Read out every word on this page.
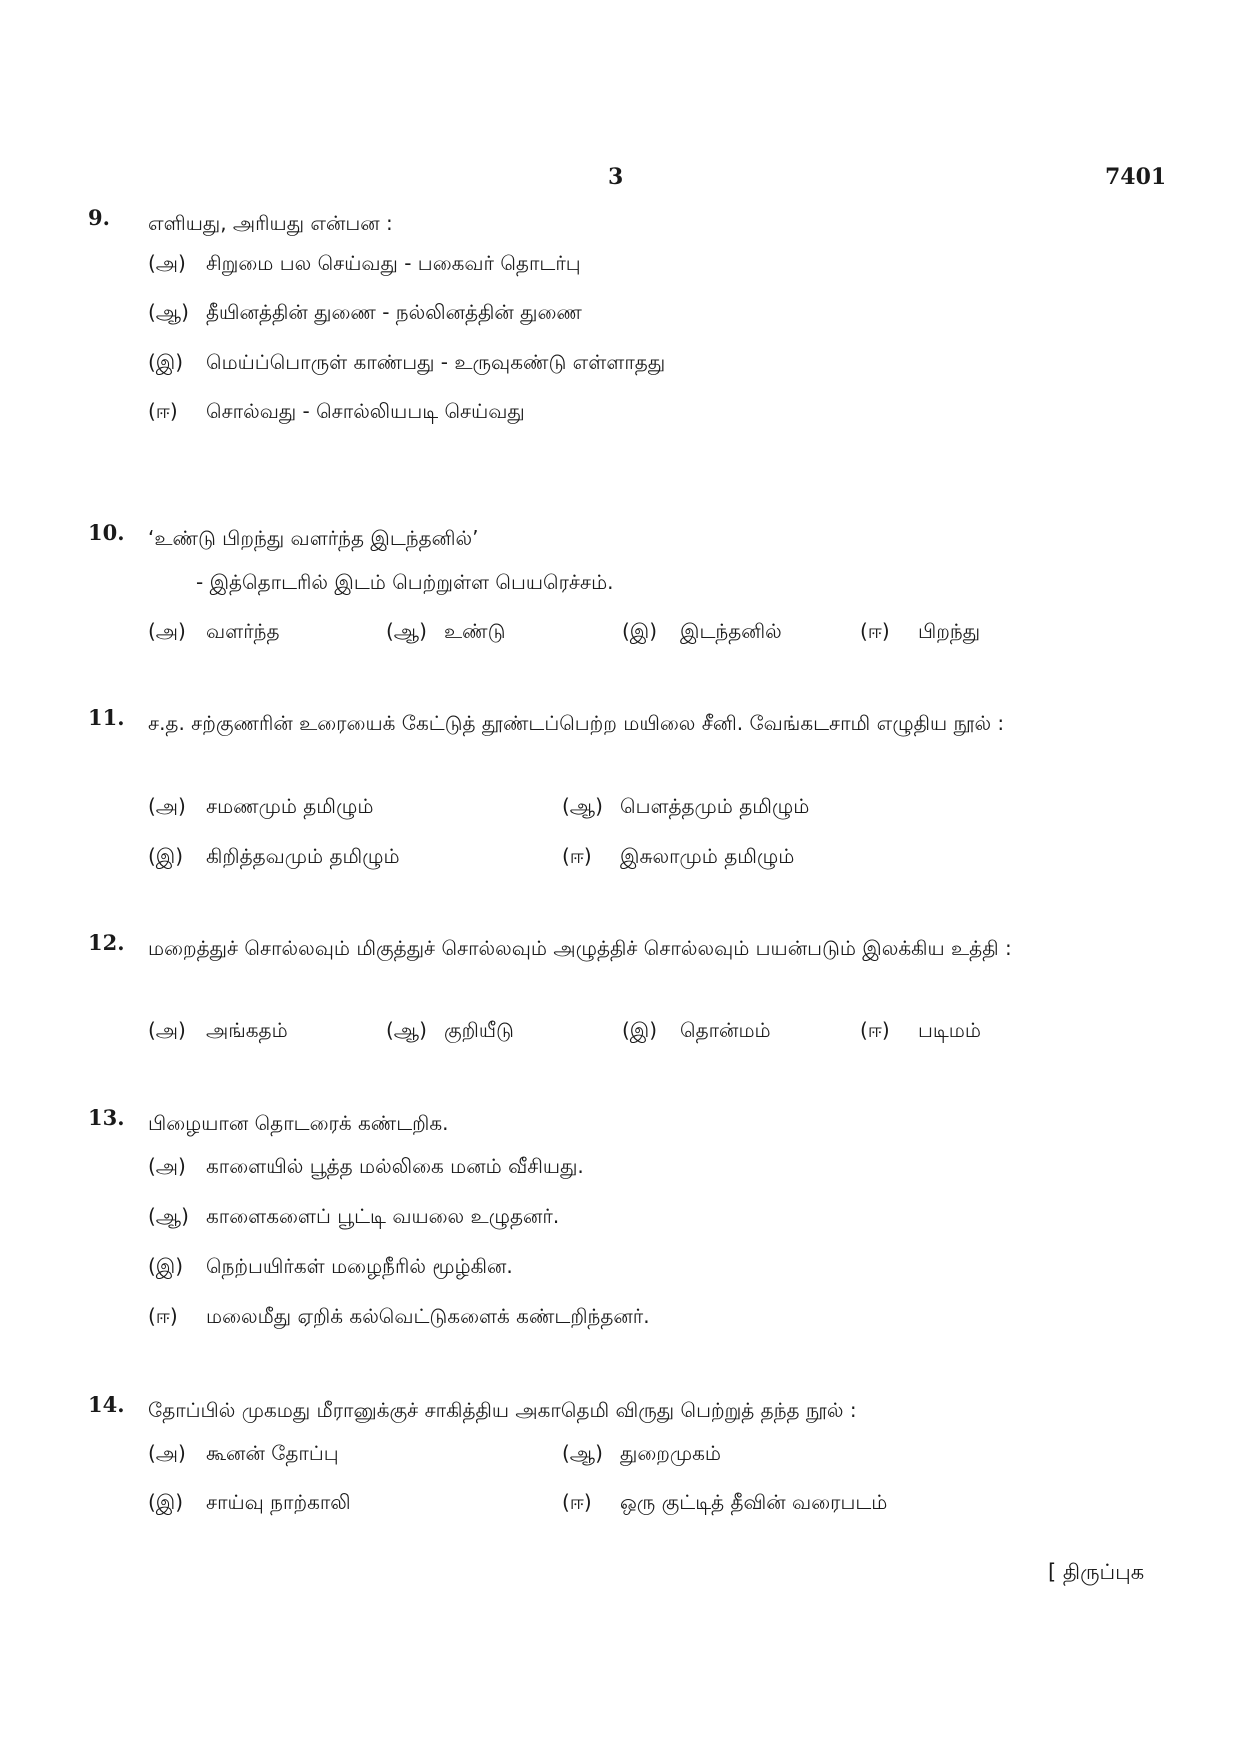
3	7401
9. எளியது, அரியது என்பன :
(அ) சிறுமை பல செய்வது - பகைவர் தொடர்பு
(ஆ) தீயினத்தின் துணை - நல்லினத்தின் துணை
(இ) மெய்ப்பொருள் காண்பது - உருவுகண்டு எள்ளாதது
(ஈ) சொல்வது - சொல்லியபடி செய்வது
10. ‘உண்டு பிறந்து வளர்ந்த இடந்தனில்’
- இத்தொடரில் இடம் பெற்றுள்ள பெயரெச்சம்.
(அ) வளர்ந்த	(ஆ) உண்டு	(இ) இடந்தனில்	(ஈ) பிறந்து
11. ச.த. சற்குணரின் உரையைக் கேட்டுத் தூண்டப்பெற்ற மயிலை சீனி. வேங்கடசாமி எழுதிய நூல் :
(அ) சமணமும் தமிழும்	(ஆ) பௌத்தமும் தமிழும்
(இ) கிறித்தவமும் தமிழும்	(ஈ) இசுலாமும் தமிழும்
12. மறைத்துச் சொல்லவும் மிகுத்துச் சொல்லவும் அழுத்திச் சொல்லவும் பயன்படும் இலக்கிய உத்தி :
(அ) அங்கதம்	(ஆ) குறியீடு	(இ) தொன்மம்	(ஈ) படிமம்
13. பிழையான தொடரைக் கண்டறிக.
(அ) காளையில் பூத்த மல்லிகை மனம் வீசியது.
(ஆ) காளைகளைப் பூட்டி வயலை உழுதனர்.
(இ) நெற்பயிர்கள் மழைநீரில் மூழ்கின.
(ஈ) மலைமீது ஏறிக் கல்வெட்டுகளைக் கண்டறிந்தனர்.
14. தோப்பில் முகமது மீரானுக்குச் சாகித்திய அகாதெமி விருது பெற்றுத் தந்த நூல் :
(அ) கூனன் தோப்பு	(ஆ) துறைமுகம்
(இ) சாய்வு நாற்காலி	(ஈ) ஒரு குட்டித் தீவின் வரைபடம்
[ திருப்புக
